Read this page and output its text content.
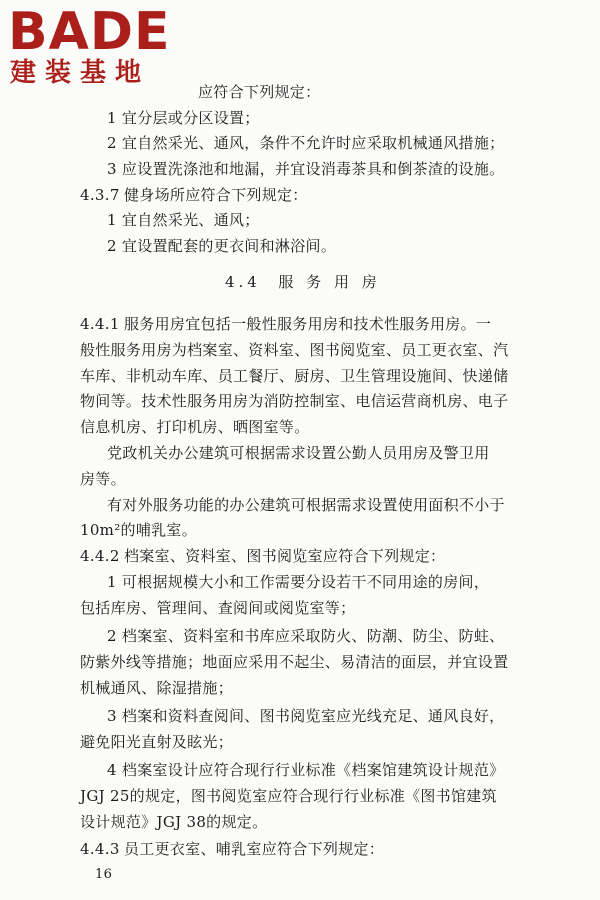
BADE
建装基地
应符合下列规定：
1 宜分层或分区设置；
2 宜自然采光、通风，条件不允许时应采取机械通风措施；
3 应设置洗涤池和地漏，并宜设消毒茶具和倒茶渣的设施。
4.3.7 健身场所应符合下列规定：
1 宜自然采光、通风；
2 宜设置配套的更衣间和淋浴间。
4.4 服 务 用 房
4.4.1 服务用房宜包括一般性服务用房和技术性服务用房。一
般性服务用房为档案室、资料室、图书阅览室、员工更衣室、汽
车库、非机动车库、员工餐厅、厨房、卫生管理设施间、快递储
物间等。技术性服务用房为消防控制室、电信运营商机房、电子
信息机房、打印机房、晒图室等。
党政机关办公建筑可根据需求设置公勤人员用房及警卫用
房等。
有对外服务功能的办公建筑可根据需求设置使用面积不小于
10m²的哺乳室。
4.4.2 档案室、资料室、图书阅览室应符合下列规定：
1 可根据规模大小和工作需要分设若干不同用途的房间，
包括库房、管理间、查阅间或阅览室等；
2 档案室、资料室和书库应采取防火、防潮、防尘、防蛀、
防紫外线等措施；地面应采用不起尘、易清洁的面层，并宜设置
机械通风、除湿措施；
3 档案和资料查阅间、图书阅览室应光线充足、通风良好，
避免阳光直射及眩光；
4 档案室设计应符合现行行业标准《档案馆建筑设计规范》
JGJ 25的规定，图书阅览室应符合现行行业标准《图书馆建筑
设计规范》JGJ 38的规定。
4.4.3 员工更衣室、哺乳室应符合下列规定：
16
